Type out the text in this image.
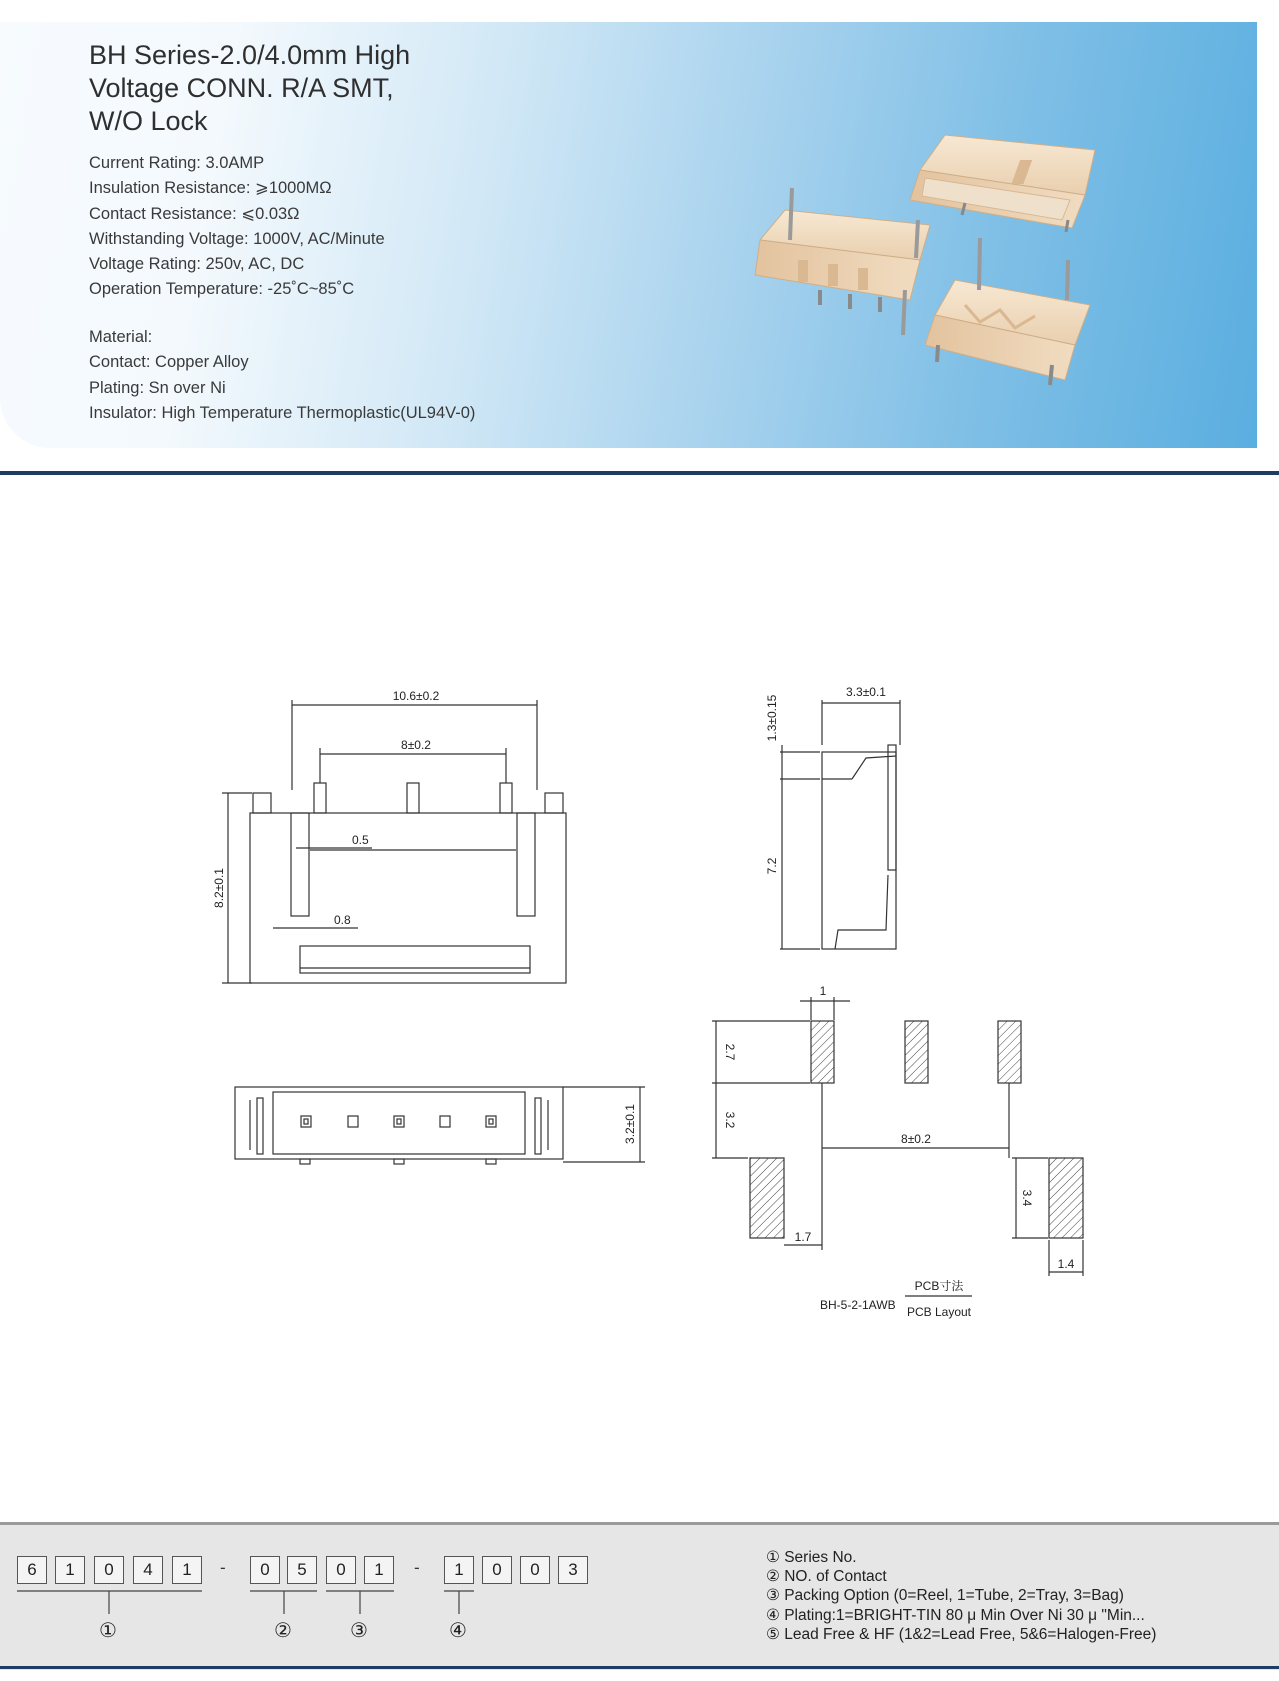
BH Series-2.0/4.0mm High
Voltage CONN. R/A SMT,
W/O Lock
Current Rating: 3.0AMP
Insulation Resistance: ⩾1000MΩ
Contact Resistance: ⩽0.03Ω
Withstanding Voltage: 1000V, AC/Minute
Voltage Rating: 250v, AC, DC
Operation Temperature: -25˚C~85˚C
Material:
Contact: Copper Alloy
Plating: Sn over Ni
Insulator: High Temperature Thermoplastic(UL94V-0)
10.6±0.2
8±0.2
0.5
0.8
8.2±0.1
3.3±0.1
1.3±0.15
7.2
3.2±0.1
1
2.7
3.2
8±0.2
3.4
1.7
1.4
BH-5-2-1AWB
PCB寸法
PCB Layout
6	1	0	4	1	-	0	5	0	1	-	1	0	0	3
①	②	③	④
① Series No.
② NO. of Contact
③ Packing Option (0=Reel, 1=Tube, 2=Tray, 3=Bag)
④ Plating:1=BRIGHT-TIN 80 μ Min Over Ni 30 μ "Min...
⑤ Lead Free & HF (1&2=Lead Free, 5&6=Halogen-Free)
